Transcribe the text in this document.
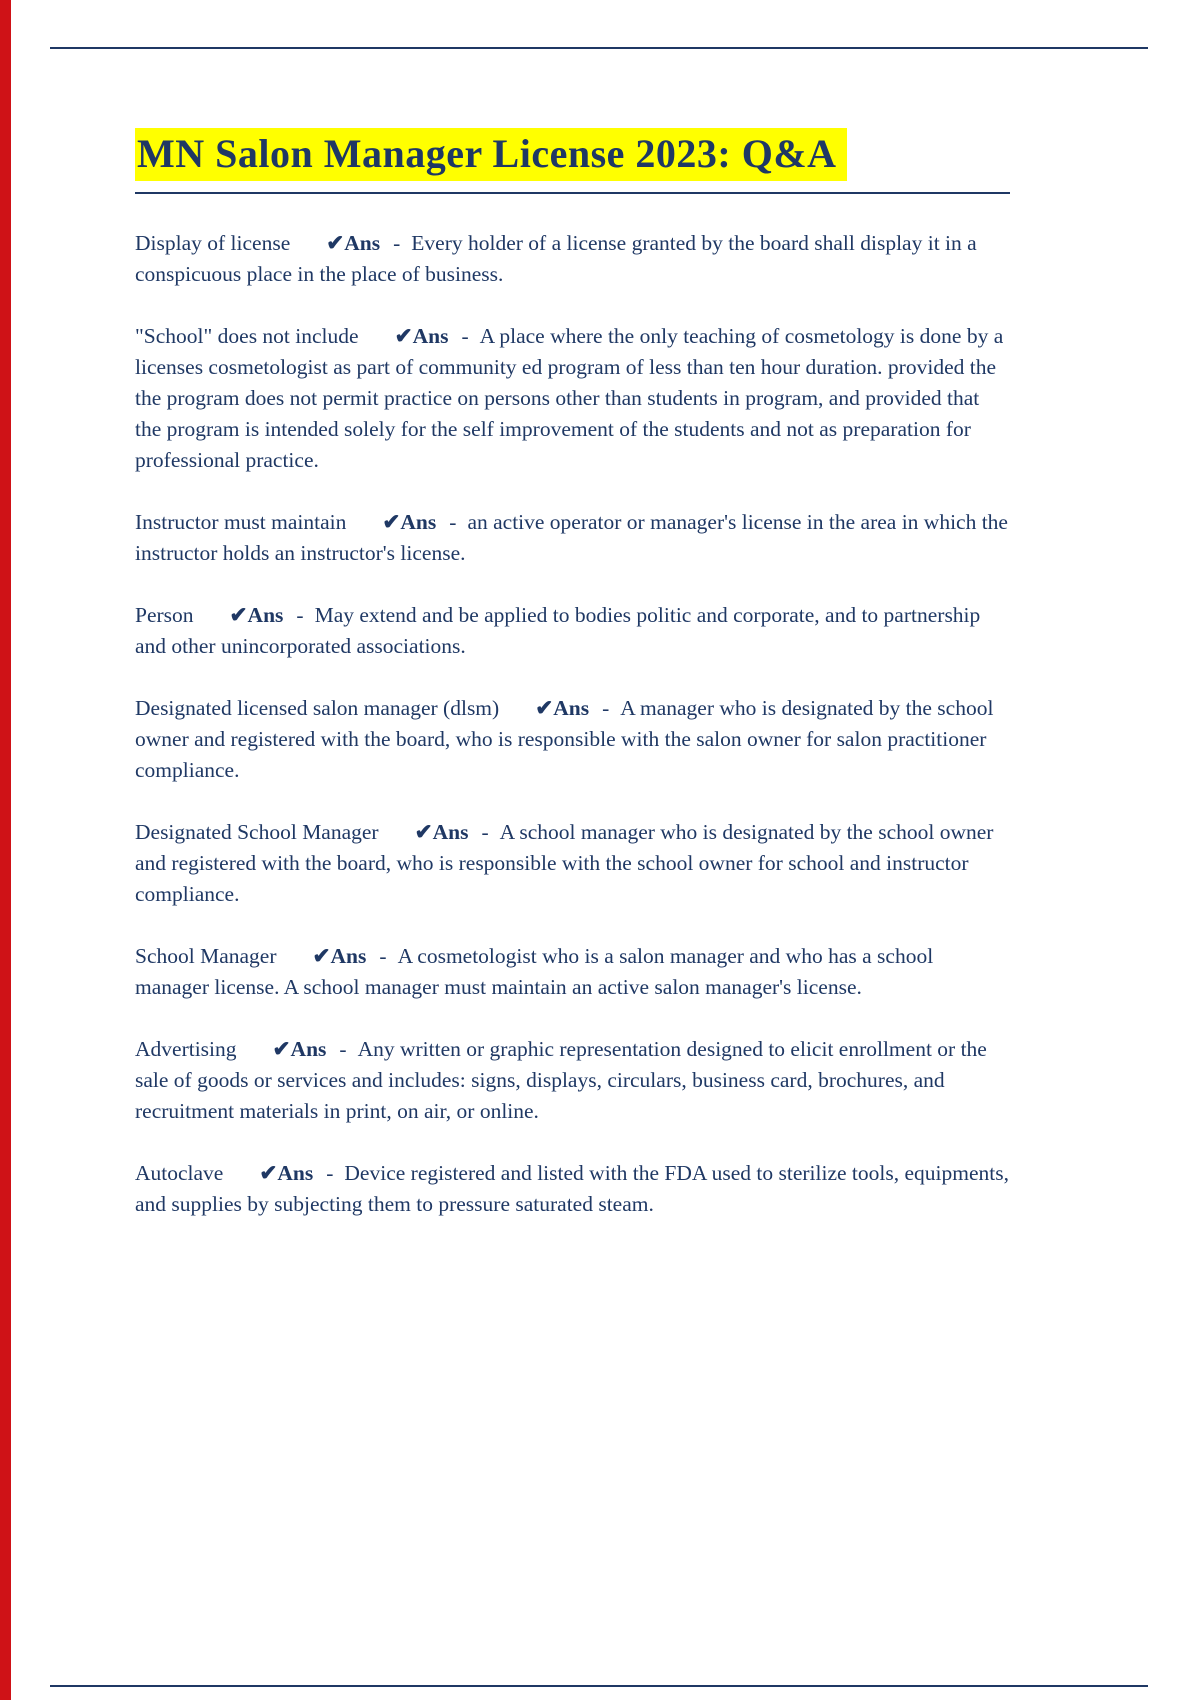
MN Salon Manager License 2023: Q&A

Display of license ✔Ans - Every holder of a license granted by the board shall display it in a conspicuous place in the place of business.

"School" does not include ✔Ans - A place where the only teaching of cosmetology is done by a licenses cosmetologist as part of community ed program of less than ten hour duration. provided the the program does not permit practice on persons other than students in program, and provided that the program is intended solely for the self improvement of the students and not as preparation for professional practice.

Instructor must maintain ✔Ans - an active operator or manager's license in the area in which the instructor holds an instructor's license.

Person ✔Ans - May extend and be applied to bodies politic and corporate, and to partnership and other unincorporated associations.

Designated licensed salon manager (dlsm) ✔Ans - A manager who is designated by the school owner and registered with the board, who is responsible with the salon owner for salon practitioner compliance.

Designated School Manager ✔Ans - A school manager who is designated by the school owner and registered with the board, who is responsible with the school owner for school and instructor compliance.

School Manager ✔Ans - A cosmetologist who is a salon manager and who has a school manager license. A school manager must maintain an active salon manager's license.

Advertising ✔Ans - Any written or graphic representation designed to elicit enrollment or the sale of goods or services and includes: signs, displays, circulars, business card, brochures, and recruitment materials in print, on air, or online.

Autoclave ✔Ans - Device registered and listed with the FDA used to sterilize tools, equipments, and supplies by subjecting them to pressure saturated steam.
